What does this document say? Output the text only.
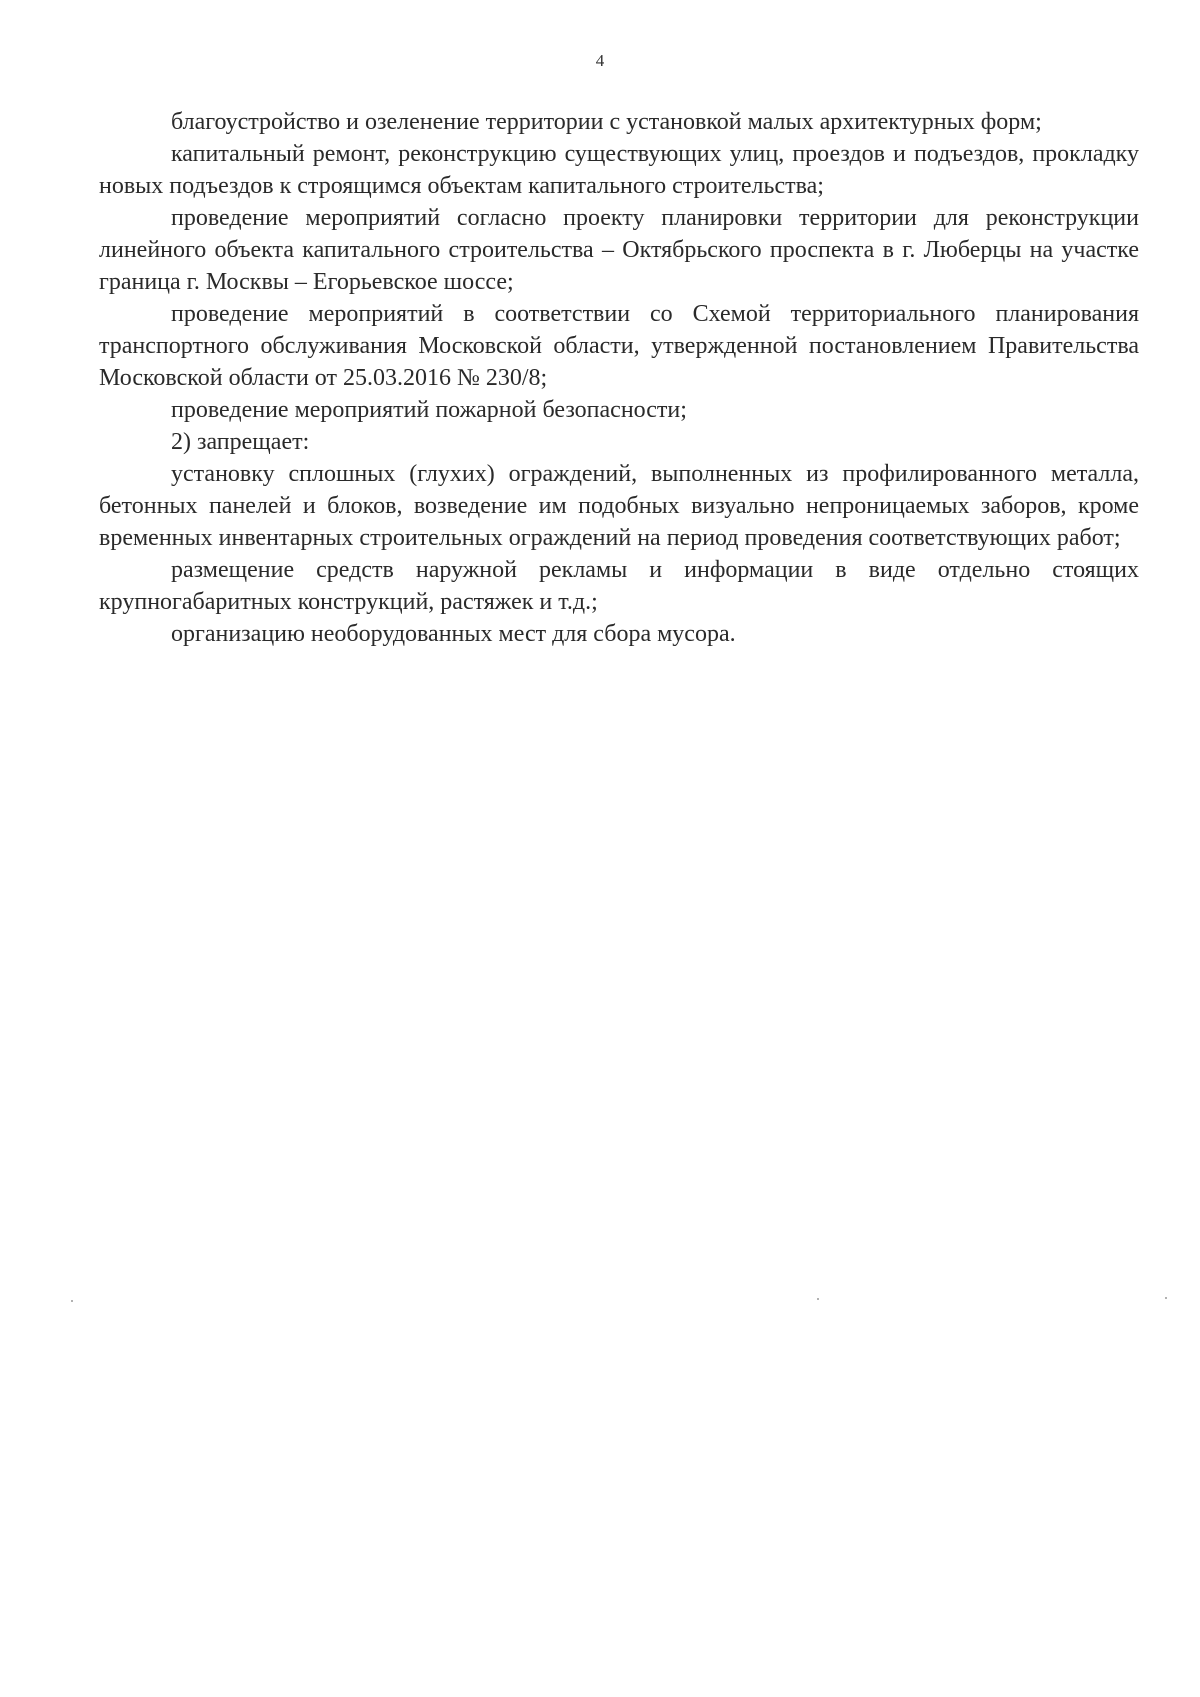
4

благоустройство и озеленение территории с установкой малых архитектурных форм;

капитальный ремонт, реконструкцию существующих улиц, проездов и подъездов, прокладку новых подъездов к строящимся объектам капитального строительства;

проведение мероприятий согласно проекту планировки территории для реконструкции линейного объекта капитального строительства – Октябрьского проспекта в г. Люберцы на участке граница г. Москвы – Егорьевское шоссе;

проведение мероприятий в соответствии со Схемой территориального планирования транспортного обслуживания Московской области, утвержденной постановлением Правительства Московской области от 25.03.2016 № 230/8;

проведение мероприятий пожарной безопасности;

2) запрещает:

установку сплошных (глухих) ограждений, выполненных из профилированного металла, бетонных панелей и блоков, возведение им подобных визуально непроницаемых заборов, кроме временных инвентарных строительных ограждений на период проведения соответствующих работ;

размещение средств наружной рекламы и информации в виде отдельно стоящих крупногабаритных конструкций, растяжек и т.д.;

организацию необорудованных мест для сбора мусора.
